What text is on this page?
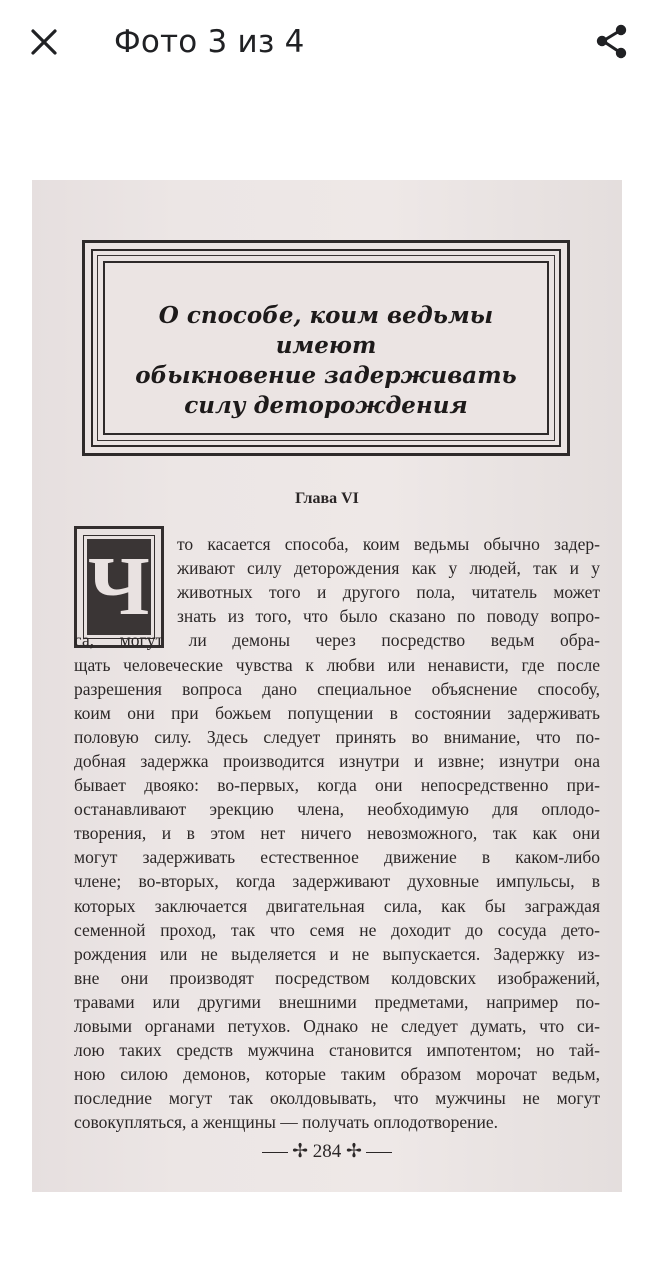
Фото 3 из 4
О способе, коим ведьмы имеют
обыкновение задерживать
силу деторождения
Глава VI
Ч то касается способа, коим ведьмы обычно задер-
живают силу деторождения как у людей, так и у
животных того и другого пола, читатель может
знать из того, что было сказано по поводу вопро-
са, могут ли демоны через посредство ведьм обра-
щать человеческие чувства к любви или ненависти, где после
разрешения вопроса дано специальное объяснение способу,
коим они при божьем попущении в состоянии задерживать
половую силу. Здесь следует принять во внимание, что по-
добная задержка производится изнутри и извне; изнутри она
бывает двояко: во-первых, когда они непосредственно при-
останавливают эрекцию члена, необходимую для оплодо-
творения, и в этом нет ничего невозможного, так как они
могут задерживать естественное движение в каком-либо
члене; во-вторых, когда задерживают духовные импульсы, в
которых заключается двигательная сила, как бы заграждая
семенной проход, так что семя не доходит до сосуда дето-
рождения или не выделяется и не выпускается. Задержку из-
вне они производят посредством колдовских изображений,
травами или другими внешними предметами, например по-
ловыми органами петухов. Однако не следует думать, что си-
лою таких средств мужчина становится импотентом; но тай-
ною силою демонов, которые таким образом морочат ведьм,
последние могут так околдовывать, что мужчины не могут
совокупляться, а женщины — получать оплодотворение.
✢ 284 ✢
